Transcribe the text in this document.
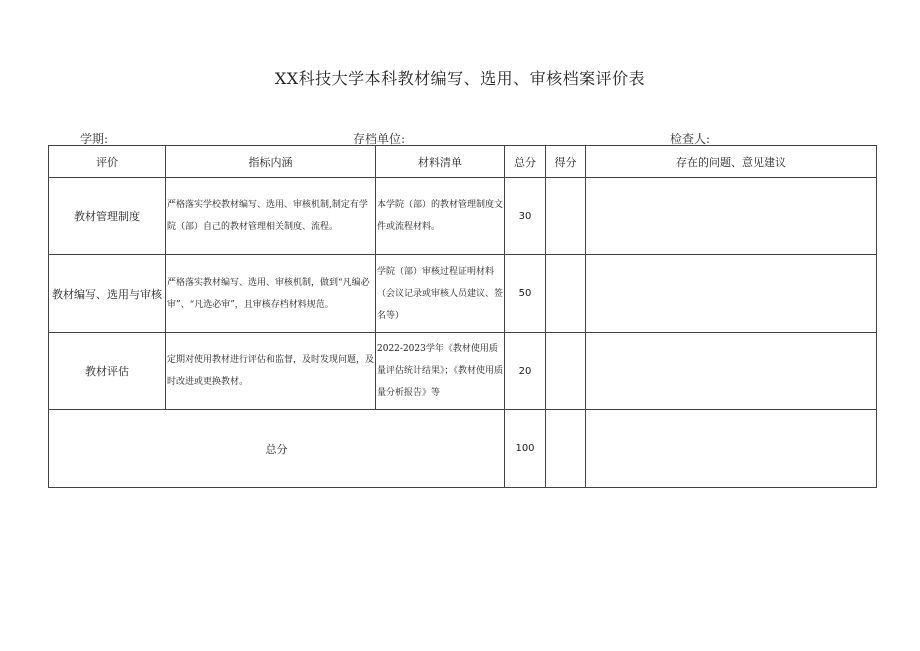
XX科技大学本科教材编写、选用、审核档案评价表
学期:	存档单位:	检查人:
评价	指标内涵	材料清单	总分	得分	存在的问题、意见建议
教材管理制度	严格落实学校教材编写、选用、审核机制,制定有学院（部）自己的教材管理相关制度、流程。	本学院（部）的教材管理制度文件或流程材料。	30		
教材编写、选用与审核	严格落实教材编写、选用、审核机制，做到“凡编必审”、“凡选必审”，且审核存档材料规范。	学院（部）审核过程证明材料（会议记录或审核人员建议、签名等）	50		
教材评估	定期对使用教材进行评估和监督，及时发现问题，及时改进或更换教材。	2022-2023学年《教材使用质量评估统计结果》；《教材使用质量分析报告》等	20		
总分			100		
